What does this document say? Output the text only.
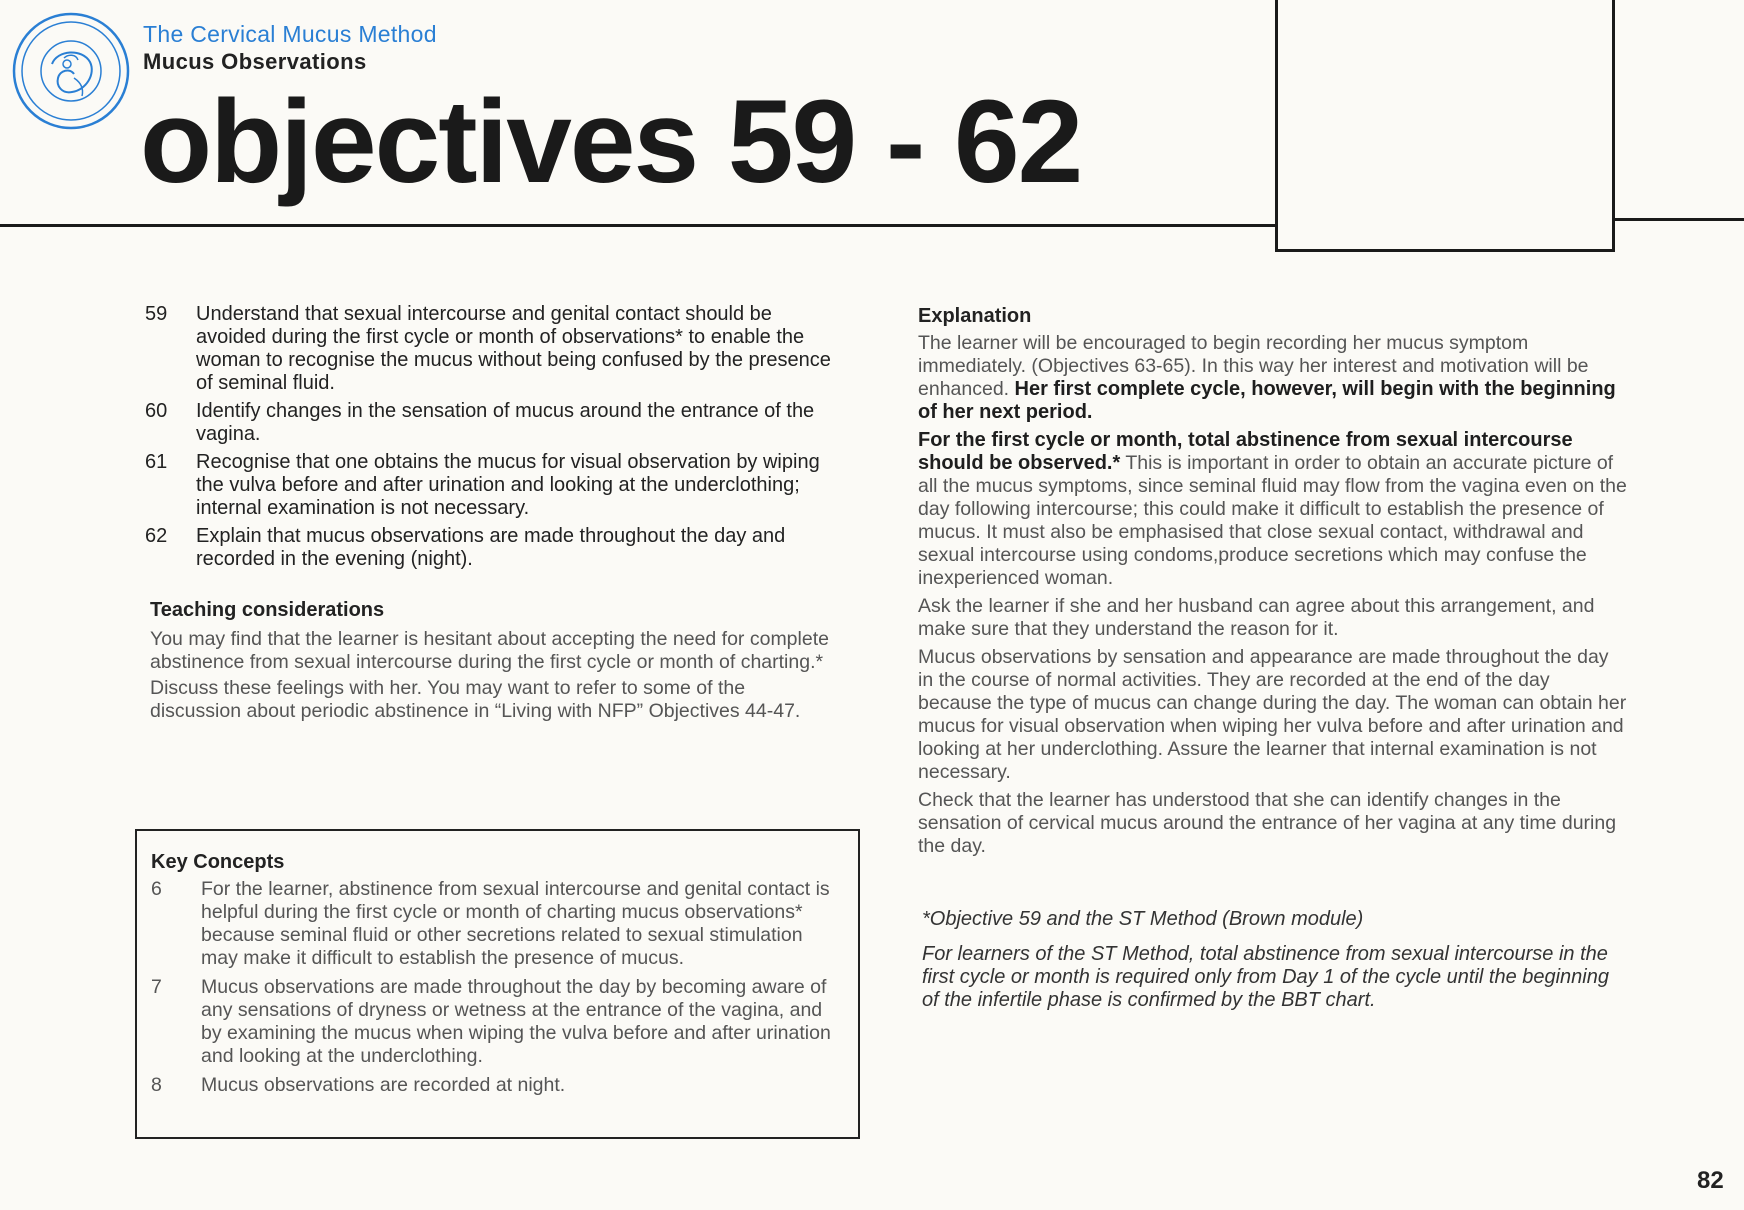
The Cervical Mucus Method
Mucus Observations
objectives 59 - 62
59	Understand that sexual intercourse and genital contact should be avoided during the first cycle or month of observations* to enable the woman to recognise the mucus without being confused by the presence of seminal fluid.
60	Identify changes in the sensation of mucus around the entrance of the vagina.
61	Recognise that one obtains the mucus for visual observation by wiping the vulva before and after urination and looking at the underclothing; internal examination is not necessary.
62	Explain that mucus observations are made throughout the day and recorded in the evening (night).
Teaching considerations

You may find that the learner is hesitant about accepting the need for complete abstinence from sexual intercourse during the first cycle or month of charting.*

Discuss these feelings with her. You may want to refer to some of the discussion about periodic abstinence in “Living with NFP” Objectives 44-47.

Key Concepts
6	For the learner, abstinence from sexual intercourse and genital contact is helpful during the first cycle or month of charting mucus observations* because seminal fluid or other secretions related to sexual stimulation may make it difficult to establish the presence of mucus.
7	Mucus observations are made throughout the day by becoming aware of any sensations of dryness or wetness at the entrance of the vagina, and by examining the mucus when wiping the vulva before and after urination and looking at the underclothing.
8	Mucus observations are recorded at night.
Explanation

The learner will be encouraged to begin recording her mucus symptom immediately. (Objectives 63-65). In this way her interest and motivation will be enhanced. Her first complete cycle, however, will begin with the beginning of her next period.

For the first cycle or month, total abstinence from sexual intercourse should be observed.* This is important in order to obtain an accurate picture of all the mucus symptoms, since seminal fluid may flow from the vagina even on the day following intercourse; this could make it difficult to establish the presence of mucus. It must also be emphasised that close sexual contact, withdrawal and sexual intercourse using condoms,produce secretions which may confuse the inexperienced woman.

Ask the learner if she and her husband can agree about this arrangement, and make sure that they understand the reason for it.

Mucus observations by sensation and appearance are made throughout the day in the course of normal activities. They are recorded at the end of the day because the type of mucus can change during the day. The woman can obtain her mucus for visual observation when wiping her vulva before and after urination and looking at her underclothing. Assure the learner that internal examination is not necessary.

Check that the learner has understood that she can identify changes in the sensation of cervical mucus around the entrance of her vagina at any time during the day.

*Objective 59 and the ST Method (Brown module)

For learners of the ST Method, total abstinence from sexual intercourse in the first cycle or month is required only from Day 1 of the cycle until the beginning of the infertile phase is confirmed by the BBT chart.

82
